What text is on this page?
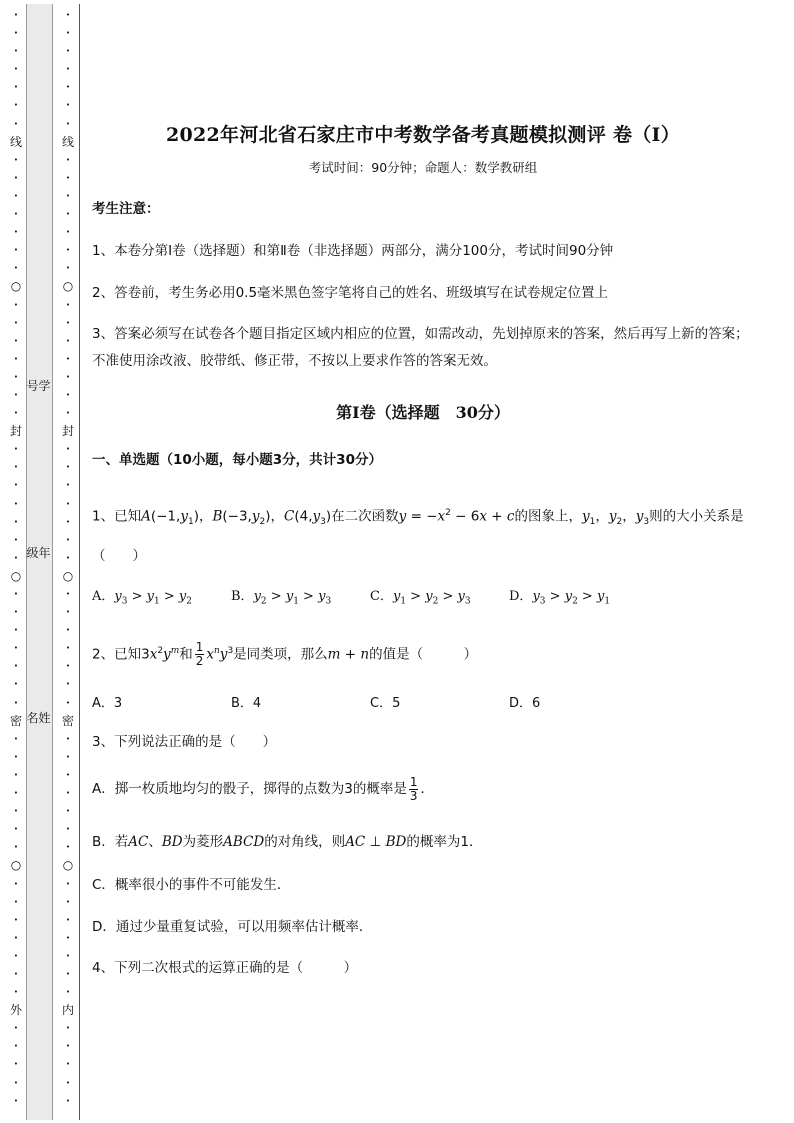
•
•
•
•
•
•
•
线
•
•
•
•
•
•
•
○
•
•
•
•
•
•
•
封
•
•
•
•
•
•
•
○
•
•
•
•
•
•
•
密
•
•
•
•
•
•
•
○
•
•
•
•
•
•
•
外
•
•
•
•
•
号学
级年
名姓
•
•
•
•
•
•
•
线
•
•
•
•
•
•
•
○
•
•
•
•
•
•
•
封
•
•
•
•
•
•
•
○
•
•
•
•
•
•
•
密
•
•
•
•
•
•
•
○
•
•
•
•
•
•
•
内
•
•
•
•
•
2022年河北省石家庄市中考数学备考真题模拟测评 卷（Ⅰ）
考试时间：90分钟；命题人：数学教研组
考生注意：
1、本卷分第Ⅰ卷（选择题）和第Ⅱ卷（非选择题）两部分，满分100分，考试时间90分钟
2、答卷前，考生务必用0.5毫米黑色签字笔将自己的姓名、班级填写在试卷规定位置上
3、答案必须写在试卷各个题目指定区域内相应的位置，如需改动，先划掉原来的答案，然后再写上新的答案；不准使用涂改液、胶带纸、修正带，不按以上要求作答的答案无效。
第Ⅰ卷（选择题　30分）
一、单选题（10小题，每小题3分，共计30分）
1、已知$A(-1,y_1)$，$B(-3,y_2)$，$C(4,y_3)$在二次函数$y = -x^2 - 6x + c$的图象上，$y_1$，$y_2$，$y_3$则的大小关系是（　　）
A．$y_3 > y_1 > y_2$	B．$y_2 > y_1 > y_3$	C．$y_1 > y_2 > y_3$	D．$y_3 > y_2 > y_1$
2、已知$3x^2y^m$和 $\frac{1}{2} x^ny^3$是同类项，那么m + n的值是（　　　）
A．3	B．4	C．5	D．6
3、下列说法正确的是（　　）
A．掷一枚质地均匀的骰子，掷得的点数为3的概率是 $\frac{1}{3}$ ．
B．若AC、BD为菱形ABCD的对角线，则AC ⊥ BD的概率为1．
C．概率很小的事件不可能发生．
D．通过少量重复试验，可以用频率估计概率．
4、下列二次根式的运算正确的是（　　　）
